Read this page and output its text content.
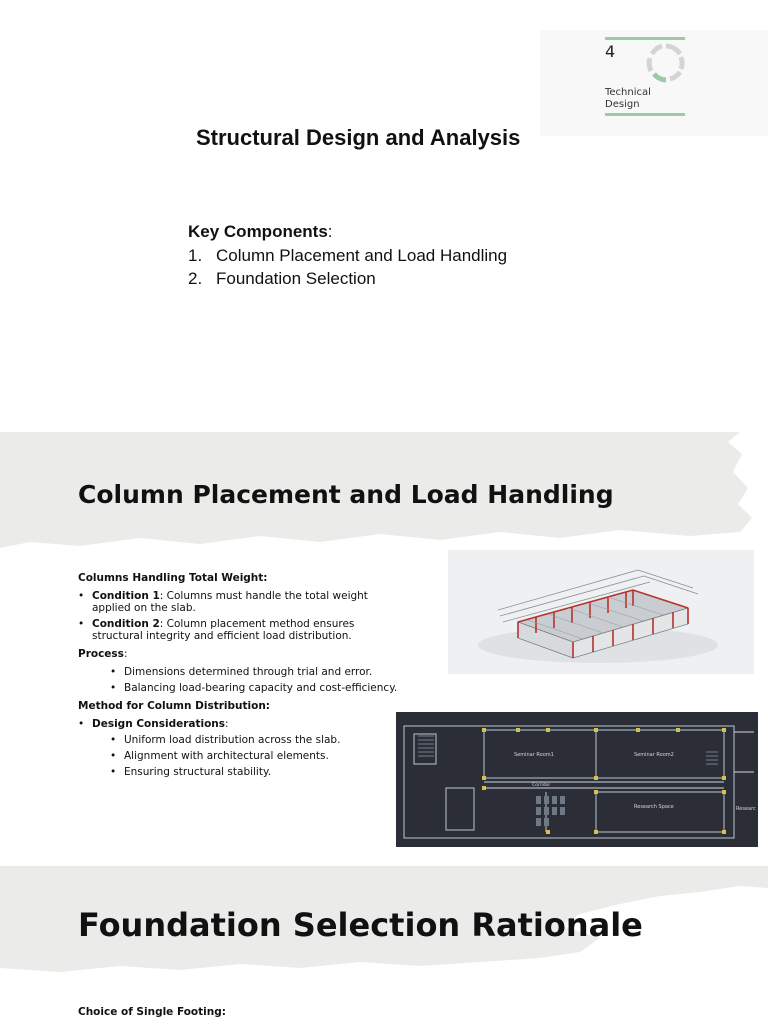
4
Technical
Design
Structural Design and Analysis
Key Components:
1. Column Placement and Load Handling
2. Foundation Selection
Column Placement and Load Handling

Columns Handling Total Weight:

• Condition 1: Columns must handle the total weight applied on the slab.
• Condition 2: Column placement method ensures structural integrity and efficient load distribution.

Process:

• Dimensions determined through trial and error.
• Balancing load-bearing capacity and cost-efficiency.

Method for Column Distribution:

• Design Considerations:
• Uniform load distribution across the slab.
• Alignment with architectural elements.
• Ensuring structural stability.
Seminar Room1	Seminar Room2
Corridor
Research Space	Researc
Foundation Selection Rationale
Choice of Single Footing:
